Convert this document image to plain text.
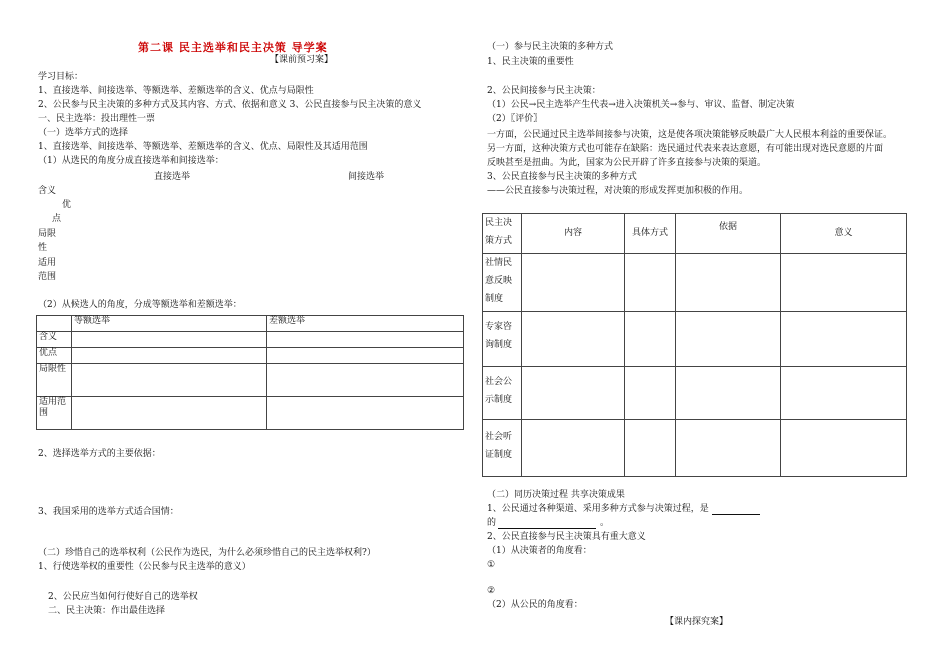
第二课 民主选举和民主决策 导学案
【课前预习案】
学习目标：
1、直接选举、间接选举、等额选举、差额选举的含义、优点与局限性
2、公民参与民主决策的多种方式及其内容、方式、依据和意义 3、公民直接参与民主决策的意义
一、民主选举：投出理性一票
（一）选举方式的选择
1、直接选举、间接选举、等额选举、差额选举的含义、优点、局限性及其适用范围
（1）从选民的角度分成直接选举和间接选举：
直接选举	间接选举
含义
优
点
局限
性
适用
范围
（2）从候选人的角度，分成等额选举和差额选举：
	等额选举	差额选举
含义		
优点		
局限性		
适用范围		
2、选择选举方式的主要依据：
3、我国采用的选举方式适合国情：
（二）珍惜自己的选举权利（公民作为选民，为什么必须珍惜自己的民主选举权利?）
1、行使选举权的重要性（公民参与民主选举的意义）
2、公民应当如何行使好自己的选举权
二、民主决策：作出最佳选择
（一）参与民主决策的多种方式
1、民主决策的重要性
2、公民间接参与民主决策：
（1）公民→民主选举产生代表→进入决策机关→参与、审议、监督、制定决策
（2）〖评价〗
一方面，公民通过民主选举间接参与决策，这是使各项决策能够反映最广大人民根本利益的重要保证。
另一方面，这种决策方式也可能存在缺陷：选民通过代表来表达意愿，有可能出现对选民意愿的片面
反映甚至是扭曲。为此，国家为公民开辟了许多直接参与决策的渠道。
3、公民直接参与民主决策的多种方式
——公民直接参与决策过程，对决策的形成发挥更加积极的作用。
民主决策方式	内容	具体方式	依据	意义
社情民意反映制度				
专家咨询制度				
社会公示制度				
社会听证制度				
（二）同历决策过程 共享决策成果
1、公民通过各种渠道、采用多种方式参与决策过程，是
的	。
2、公民直接参与民主决策具有重大意义
（1）从决策者的角度看：
①
②
（2）从公民的角度看：
【课内探究案】
